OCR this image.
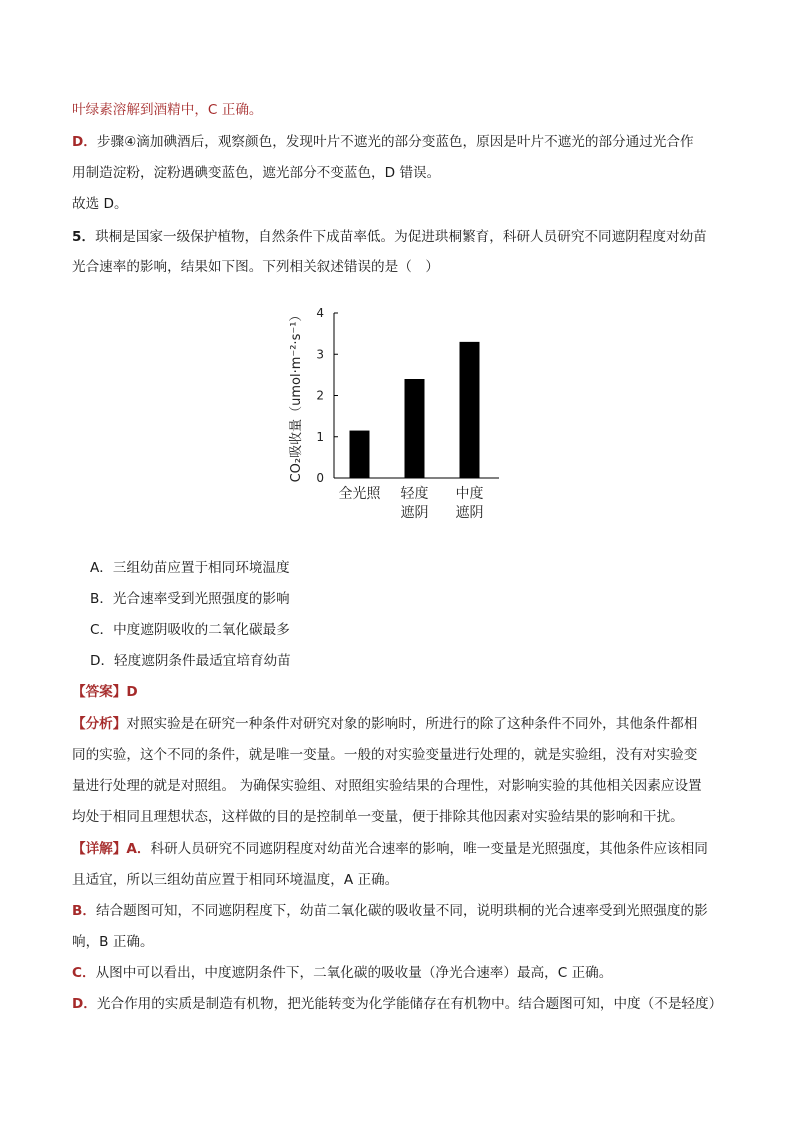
叶绿素溶解到酒精中，C 正确。
D．步骤④滴加碘酒后，观察颜色，发现叶片不遮光的部分变蓝色，原因是叶片不遮光的部分通过光合作
用制造淀粉，淀粉遇碘变蓝色，遮光部分不变蓝色，D 错误。
故选 D。
5．珙桐是国家一级保护植物，自然条件下成苗率低。为促进珙桐繁育，科研人员研究不同遮阴程度对幼苗
光合速率的影响，结果如下图。下列相关叙述错误的是（　）
CO₂吸收量（umol·m⁻²·s⁻¹） 0
1
2
3
4
全光照 轻度
遮阴
中度
遮阴
A．三组幼苗应置于相同环境温度
B．光合速率受到光照强度的影响
C．中度遮阴吸收的二氧化碳最多
D．轻度遮阴条件最适宜培育幼苗
【答案】D
【分析】对照实验是在研究一种条件对研究对象的影响时，所进行的除了这种条件不同外，其他条件都相
同的实验，这个不同的条件，就是唯一变量。一般的对实验变量进行处理的，就是实验组，没有对实验变
量进行处理的就是对照组。 为确保实验组、对照组实验结果的合理性，对影响实验的其他相关因素应设置
均处于相同且理想状态，这样做的目的是控制单一变量，便于排除其他因素对实验结果的影响和干扰。
【详解】A．科研人员研究不同遮阴程度对幼苗光合速率的影响，唯一变量是光照强度，其他条件应该相同
且适宜，所以三组幼苗应置于相同环境温度，A 正确。
B．结合题图可知，不同遮阴程度下，幼苗二氧化碳的吸收量不同，说明珙桐的光合速率受到光照强度的影
响，B 正确。
C．从图中可以看出，中度遮阴条件下，二氧化碳的吸收量（净光合速率）最高，C 正确。
D．光合作用的实质是制造有机物，把光能转变为化学能储存在有机物中。结合题图可知，中度（不是轻度）
